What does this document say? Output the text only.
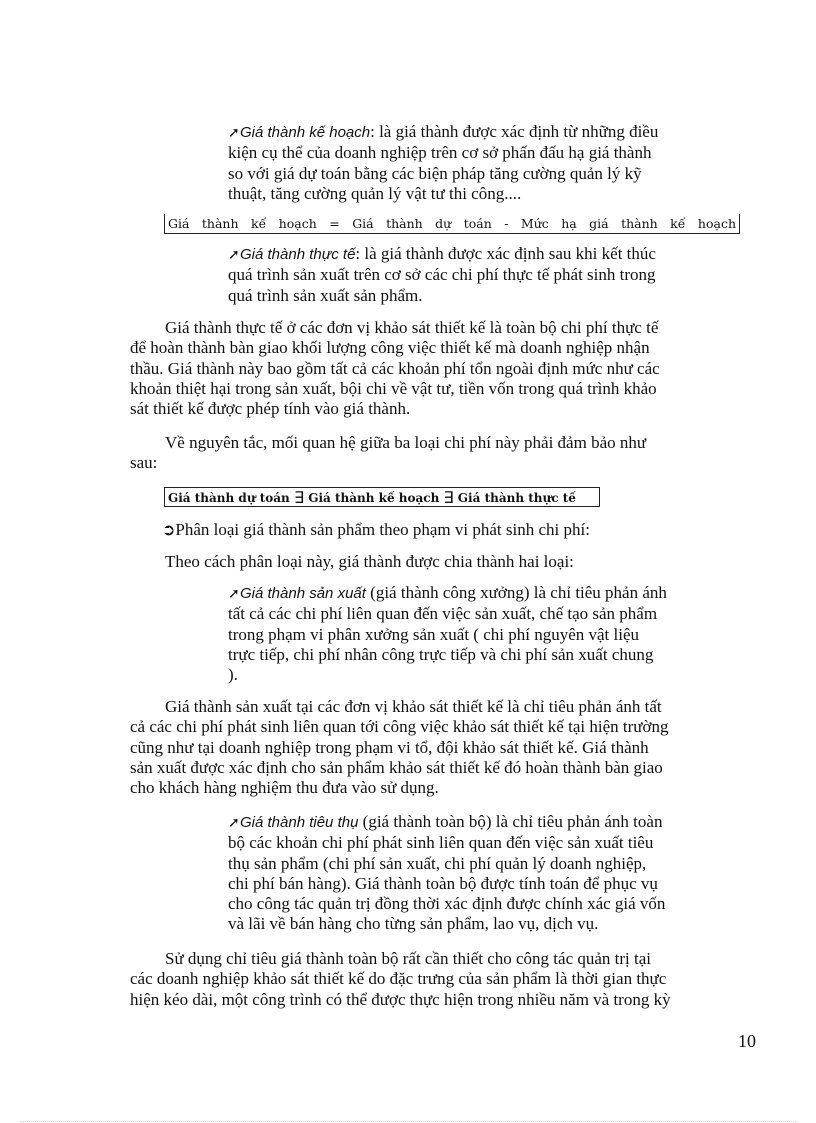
➚Giá thành kế hoạch: là giá thành được xác định từ những điều

kiện cụ thể của doanh nghiệp trên cơ sở phấn đấu hạ giá thành

so với giá dự toán bằng các biện pháp tăng cường quản lý kỹ

thuật, tăng cường quản lý vật tư thi công....

Giá thành kế hoạch = Giá thành dự toán - Mức hạ giá thành kế hoạch

➚Giá thành thực tế: là giá thành được xác định sau khi kết thúc

quá trình sản xuất trên cơ sở các chi phí thực tế phát sinh trong

quá trình sản xuất sản phẩm.

Giá thành thực tế ở các đơn vị khảo sát thiết kế là toàn bộ chi phí thực tế

để hoàn thành bàn giao khối lượng công việc thiết kế mà doanh nghiệp nhận

thầu. Giá thành này bao gồm tất cả các khoản phí tổn ngoài định mức như các

khoản thiệt hại trong sản xuất, bội chi về vật tư, tiền vốn trong quá trình khảo

sát thiết kế được phép tính vào giá thành.

Về nguyên tắc, mối quan hệ giữa ba loại chi phí này phải đảm bảo như

sau:

Giá thành dự toán ∃ Giá thành kế hoạch ∃ Giá thành thực tế

➲Phân loại giá thành sản phẩm theo phạm vi phát sinh chi phí:

Theo cách phân loại này, giá thành được chia thành hai loại:

➚Giá thành sản xuất (giá thành công xưởng) là chỉ tiêu phản ánh

tất cả các chi phí liên quan đến việc sản xuất, chế tạo sản phẩm

trong phạm vi phân xưởng sản xuất ( chi phí nguyên vật liệu

trực tiếp, chi phí nhân công trực tiếp và chi phí sản xuất chung

).

Giá thành sản xuất tại các đơn vị khảo sát thiết kế là chỉ tiêu phản ánh tất

cả các chi phí phát sinh liên quan tới công việc khảo sát thiết kế tại hiện trường

cũng như tại doanh nghiệp trong phạm vi tổ, đội khảo sát thiết kế. Giá thành

sản xuất được xác định cho sản phẩm khảo sát thiết kế đó hoàn thành bàn giao

cho khách hàng nghiệm thu đưa vào sử dụng.

➚Giá thành tiêu thụ (giá thành toàn bộ) là chỉ tiêu phản ánh toàn

bộ các khoản chi phí phát sinh liên quan đến việc sản xuất tiêu

thụ sản phẩm (chi phí sản xuất, chi phí quản lý doanh nghiệp,

chi phí bán hàng). Giá thành toàn bộ được tính toán để phục vụ

cho công tác quản trị đồng thời xác định được chính xác giá vốn

và lãi về bán hàng cho từng sản phẩm, lao vụ, dịch vụ.

Sử dụng chỉ tiêu giá thành toàn bộ rất cần thiết cho công tác quản trị tại

các doanh nghiệp khảo sát thiết kế do đặc trưng của sản phẩm là thời gian thực

hiện kéo dài, một công trình có thể được thực hiện trong nhiều năm và trong kỳ

10
